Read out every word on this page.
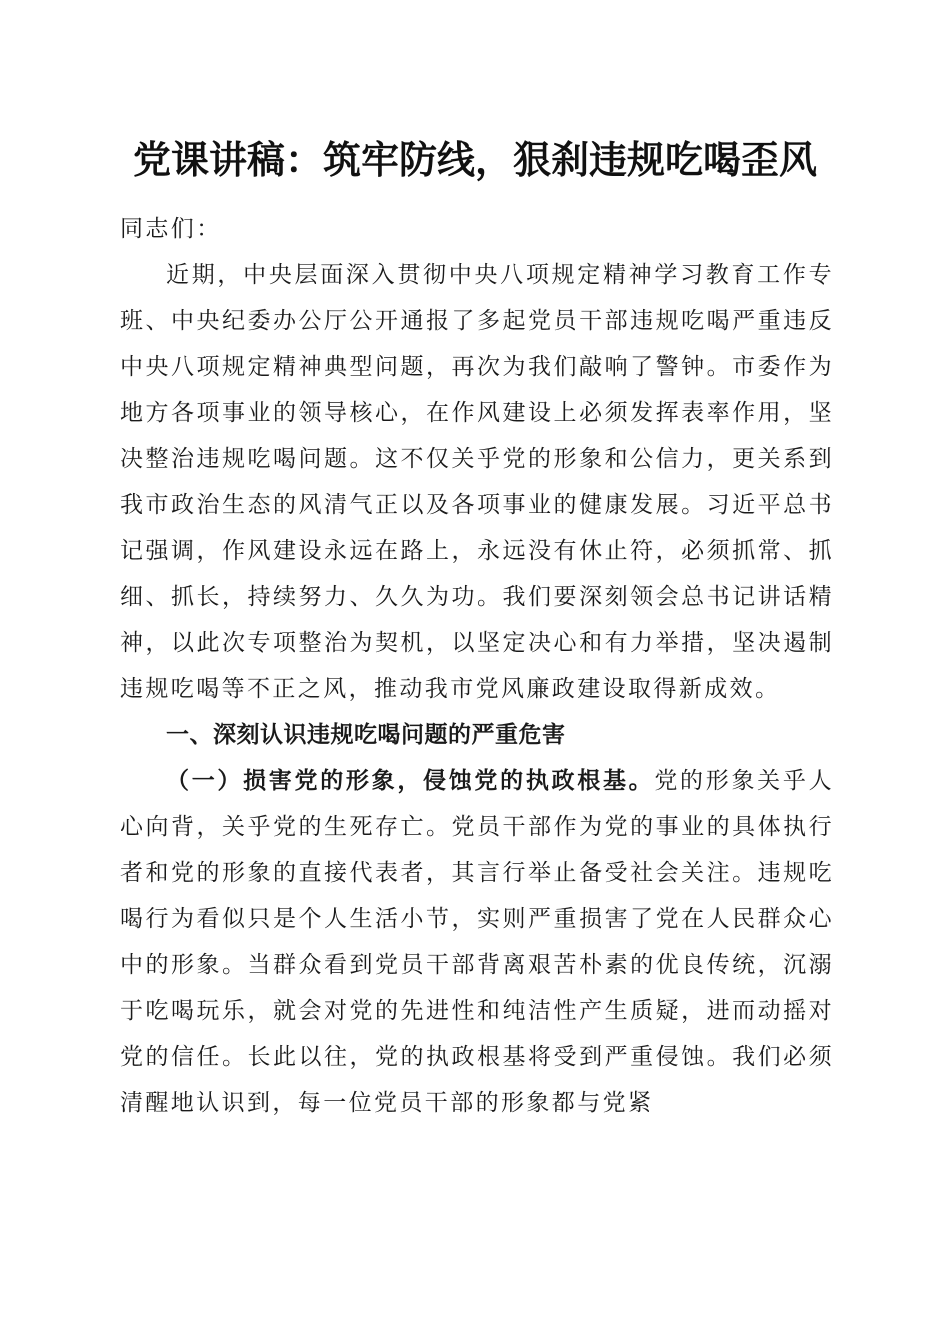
党课讲稿：筑牢防线，狠刹违规吃喝歪风

同志们：

近期，中央层面深入贯彻中央八项规定精神学习教育工作专班、中央纪委办公厅公开通报了多起党员干部违规吃喝严重违反中央八项规定精神典型问题，再次为我们敲响了警钟。市委作为地方各项事业的领导核心，在作风建设上必须发挥表率作用，坚决整治违规吃喝问题。这不仅关乎党的形象和公信力，更关系到我市政治生态的风清气正以及各项事业的健康发展。习近平总书记强调，作风建设永远在路上，永远没有休止符，必须抓常、抓细、抓长，持续努力、久久为功。我们要深刻领会总书记讲话精神，以此次专项整治为契机，以坚定决心和有力举措，坚决遏制违规吃喝等不正之风，推动我市党风廉政建设取得新成效。

一、深刻认识违规吃喝问题的严重危害

（一）损害党的形象，侵蚀党的执政根基。党的形象关乎人心向背，关乎党的生死存亡。党员干部作为党的事业的具体执行者和党的形象的直接代表者，其言行举止备受社会关注。违规吃喝行为看似只是个人生活小节，实则严重损害了党在人民群众心中的形象。当群众看到党员干部背离艰苦朴素的优良传统，沉溺于吃喝玩乐，就会对党的先进性和纯洁性产生质疑，进而动摇对党的信任。长此以往，党的执政根基将受到严重侵蚀。我们必须清醒地认识到，每一位党员干部的形象都与党紧
